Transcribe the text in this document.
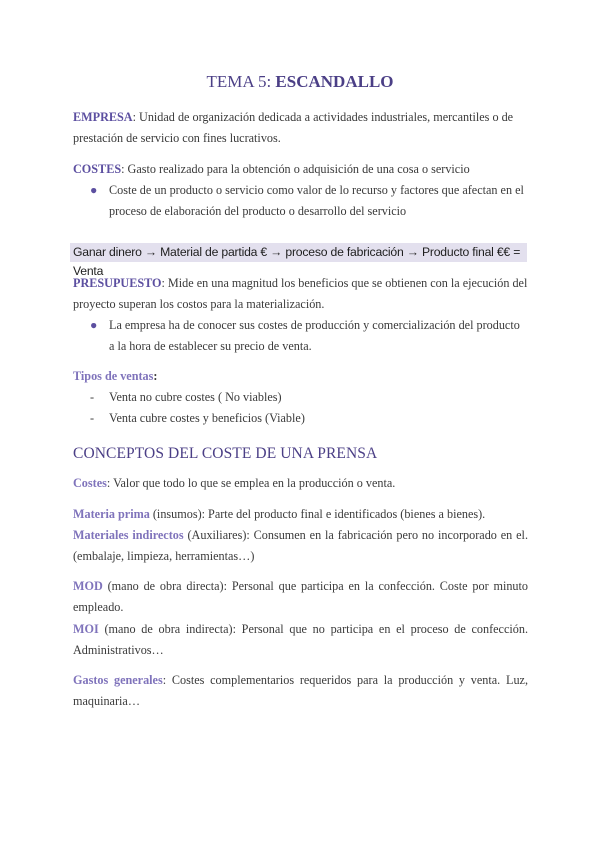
TEMA 5: ESCANDALLO
EMPRESA: Unidad de organización dedicada a actividades industriales, mercantiles o de prestación de servicio con fines lucrativos.
COSTES: Gasto realizado para la obtención o adquisición de una cosa o servicio
● Coste de un producto o servicio como valor de lo recurso y factores que afectan en el proceso de elaboración del producto o desarrollo del servicio
Ganar dinero → Material de partida € → proceso de fabricación → Producto final €€ = Venta
PRESUPUESTO: Mide en una magnitud los beneficios que se obtienen con la ejecución del proyecto superan los costos para la materialización.
● La empresa ha de conocer sus costes de producción y comercialización del producto a la hora de establecer su precio de venta.
Tipos de ventas:
- Venta no cubre costes ( No viables)
- Venta cubre costes y beneficios (Viable)
CONCEPTOS DEL COSTE DE UNA PRENSA
Costes: Valor que todo lo que se emplea en la producción o venta.
Materia prima (insumos): Parte del producto final e identificados (bienes a bienes).
Materiales indirectos (Auxiliares): Consumen en la fabricación pero no incorporado en el. (embalaje, limpieza, herramientas…)
MOD (mano de obra directa): Personal que participa en la confección. Coste por minuto empleado.
MOI (mano de obra indirecta): Personal que no participa en el proceso de confección. Administrativos…
Gastos generales: Costes complementarios requeridos para la producción y venta. Luz, maquinaria…
